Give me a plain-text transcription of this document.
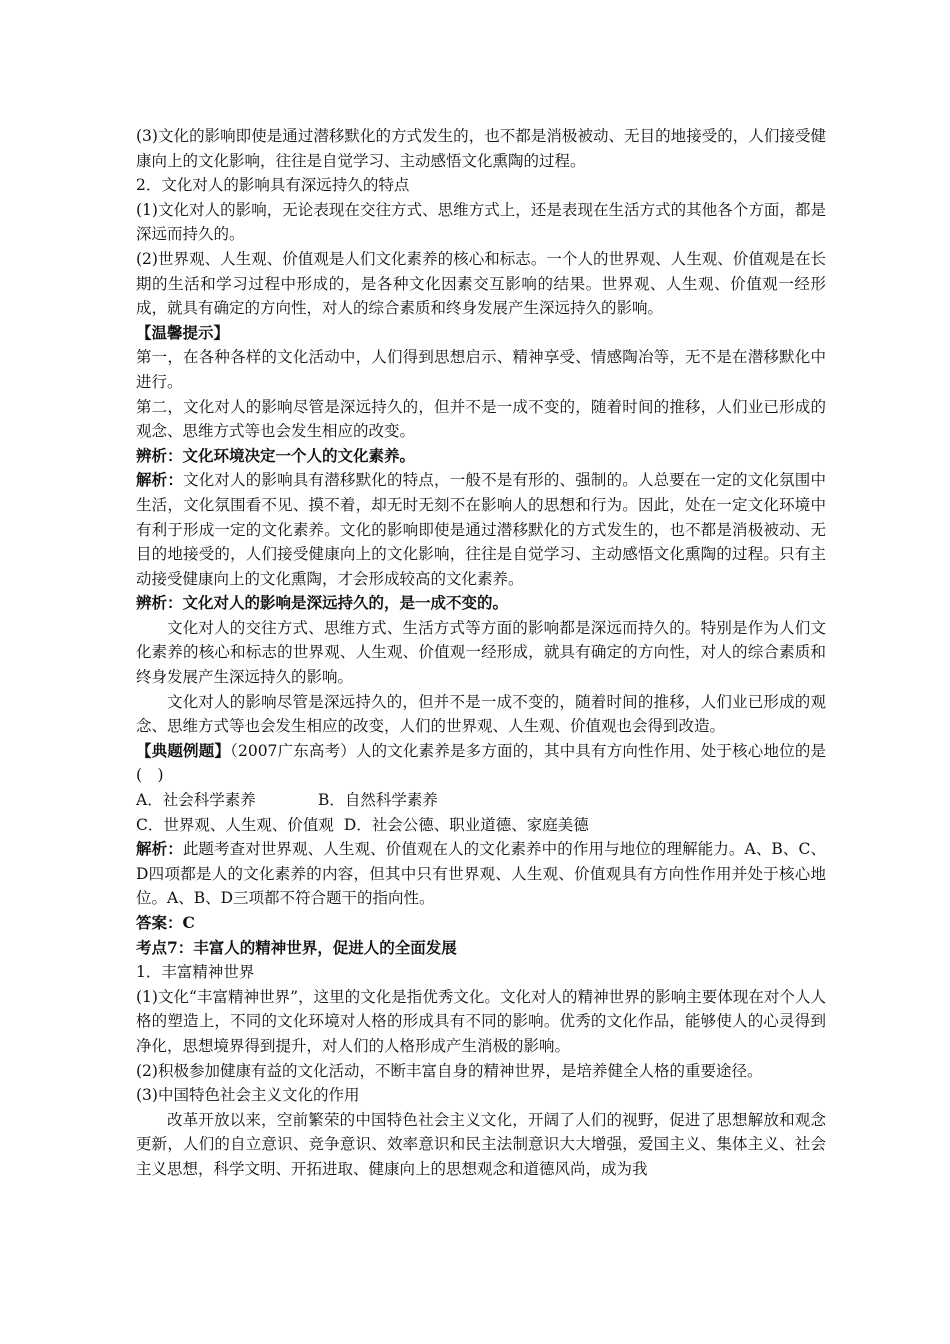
(3)文化的影响即使是通过潜移默化的方式发生的，也不都是消极被动、无目的地接受的，人们接受健康向上的文化影响，往往是自觉学习、主动感悟文化熏陶的过程。

2．文化对人的影响具有深远持久的特点

(1)文化对人的影响，无论表现在交往方式、思维方式上，还是表现在生活方式的其他各个方面，都是深远而持久的。

(2)世界观、人生观、价值观是人们文化素养的核心和标志。一个人的世界观、人生观、价值观是在长期的生活和学习过程中形成的，是各种文化因素交互影响的结果。世界观、人生观、价值观一经形成，就具有确定的方向性，对人的综合素质和终身发展产生深远持久的影响。

【温馨提示】

第一，在各种各样的文化活动中，人们得到思想启示、精神享受、情感陶冶等，无不是在潜移默化中进行。

第二，文化对人的影响尽管是深远持久的，但并不是一成不变的，随着时间的推移，人们业已形成的观念、思维方式等也会发生相应的改变。

辨析：文化环境决定一个人的文化素养。

解析：文化对人的影响具有潜移默化的特点，一般不是有形的、强制的。人总要在一定的文化氛围中生活，文化氛围看不见、摸不着，却无时无刻不在影响人的思想和行为。因此，处在一定文化环境中有利于形成一定的文化素养。文化的影响即使是通过潜移默化的方式发生的，也不都是消极被动、无目的地接受的，人们接受健康向上的文化影响，往往是自觉学习、主动感悟文化熏陶的过程。只有主动接受健康向上的文化熏陶，才会形成较高的文化素养。

辨析：文化对人的影响是深远持久的，是一成不变的。

文化对人的交往方式、思维方式、生活方式等方面的影响都是深远而持久的。特别是作为人们文化素养的核心和标志的世界观、人生观、价值观一经形成，就具有确定的方向性，对人的综合素质和终身发展产生深远持久的影响。

文化对人的影响尽管是深远持久的，但并不是一成不变的，随着时间的推移，人们业已形成的观念、思维方式等也会发生相应的改变，人们的世界观、人生观、价值观也会得到改造。

【典题例题】（2007广东高考）人的文化素养是多方面的，其中具有方向性作用、处于核心地位的是(　)

A．社会科学素养	B．自然科学素养
C．世界观、人生观、价值观 D．社会公德、职业道德、家庭美德

解析：此题考查对世界观、人生观、价值观在人的文化素养中的作用与地位的理解能力。A、B、C、D四项都是人的文化素养的内容，但其中只有世界观、人生观、价值观具有方向性作用并处于核心地位。A、B、D三项都不符合题干的指向性。

答案：C

考点7：丰富人的精神世界，促进人的全面发展

1．丰富精神世界

(1)文化“丰富精神世界”，这里的文化是指优秀文化。文化对人的精神世界的影响主要体现在对个人人格的塑造上，不同的文化环境对人格的形成具有不同的影响。优秀的文化作品，能够使人的心灵得到净化，思想境界得到提升，对人们的人格形成产生消极的影响。

(2)积极参加健康有益的文化活动，不断丰富自身的精神世界，是培养健全人格的重要途径。

(3)中国特色社会主义文化的作用

改革开放以来，空前繁荣的中国特色社会主义文化，开阔了人们的视野，促进了思想解放和观念更新，人们的自立意识、竞争意识、效率意识和民主法制意识大大增强，爱国主义、集体主义、社会主义思想，科学文明、开拓进取、健康向上的思想观念和道德风尚，成为我
